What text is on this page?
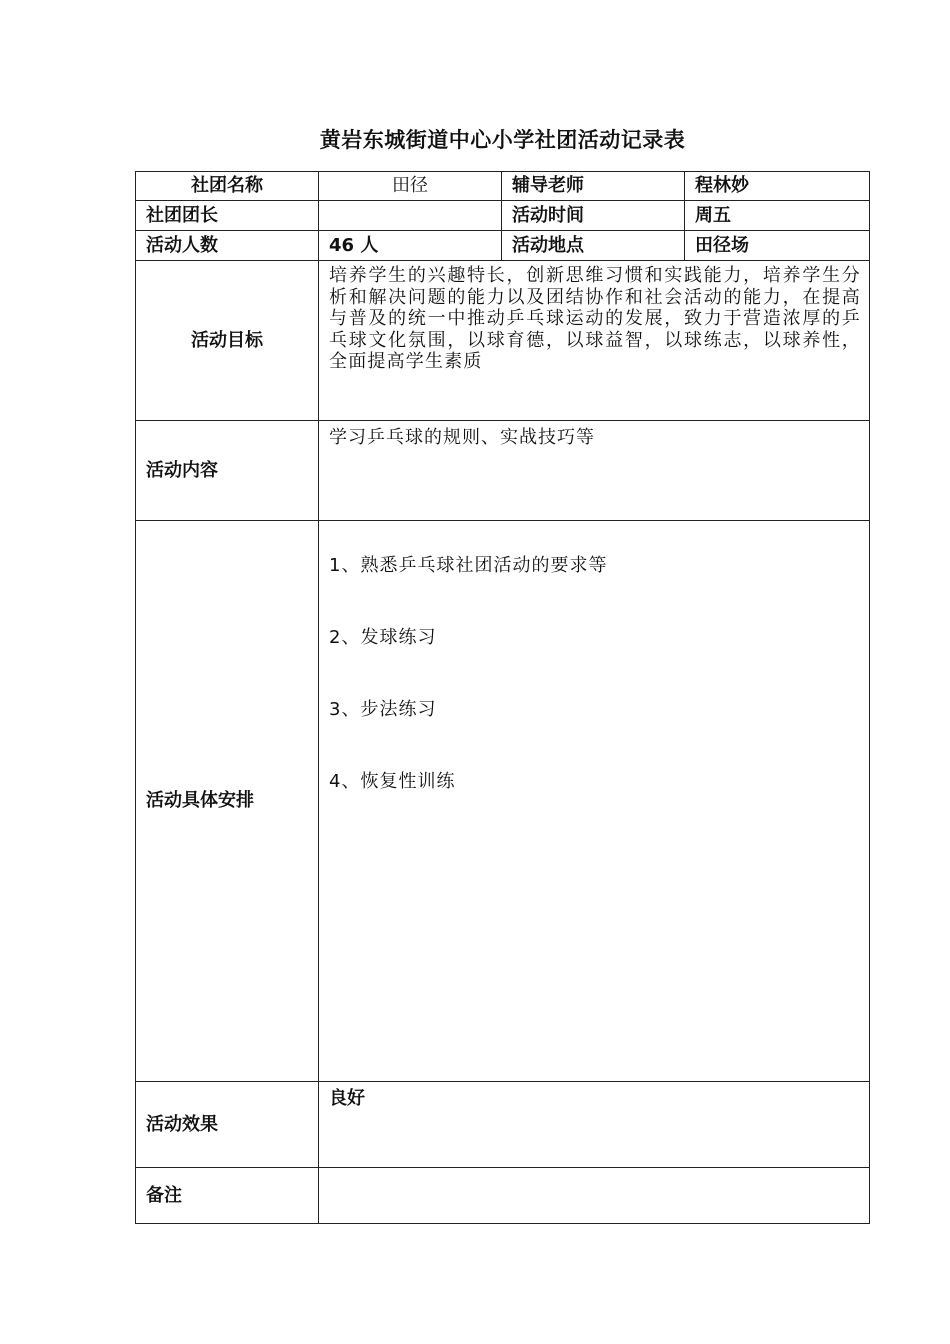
黄岩东城街道中心小学社团活动记录表
社团名称	田径	辅导老师	程林妙
社团团长		活动时间	周五
活动人数	46 人	活动地点	田径场
活动目标	培养学生的兴趣特长，创新思维习惯和实践能力，培养学生分析和解决问题的能力以及团结协作和社会活动的能力，在提高与普及的统一中推动乒乓球运动的发展，致力于营造浓厚的乒乓球文化氛围，以球育德，以球益智，以球练志，以球养性，全面提高学生素质		
活动内容	学习乒乓球的规则、实战技巧等		
活动具体安排	1、熟悉乒乓球社团活动的要求等
2、发球练习
3、步法练习
4、恢复性训练		

活动效果	良好		
备注			
